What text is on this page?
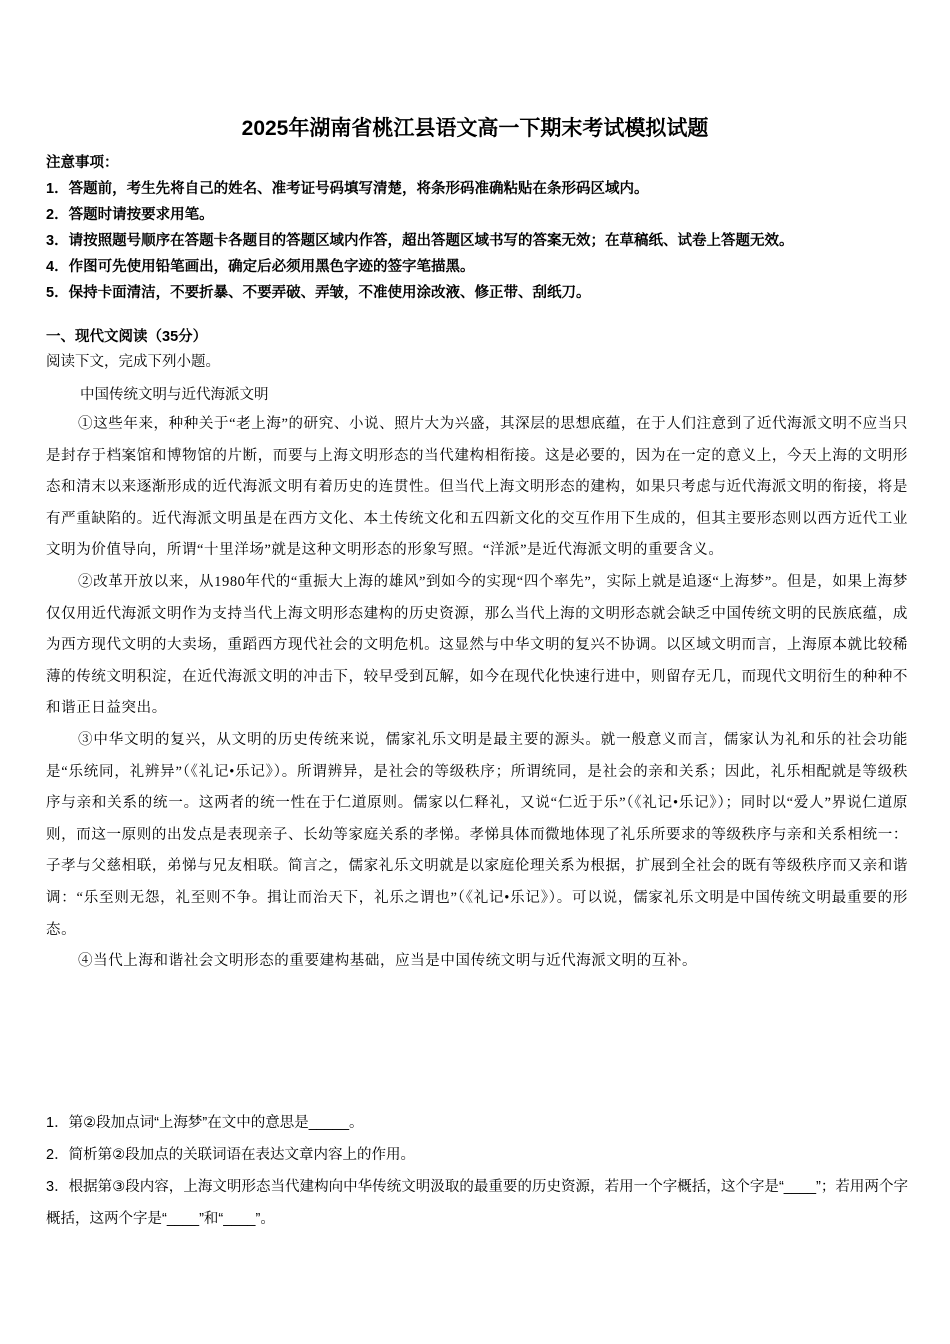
2025年湖南省桃江县语文高一下期末考试模拟试题
注意事项：
1．答题前，考生先将自己的姓名、准考证号码填写清楚，将条形码准确粘贴在条形码区域内。
2．答题时请按要求用笔。
3．请按照题号顺序在答题卡各题目的答题区域内作答，超出答题区域书写的答案无效；在草稿纸、试卷上答题无效。
4．作图可先使用铅笔画出，确定后必须用黑色字迹的签字笔描黑。
5．保持卡面清洁，不要折暴、不要弄破、弄皱，不准使用涂改液、修正带、刮纸刀。
一、现代文阅读（35分）
阅读下文，完成下列小题。
中国传统文明与近代海派文明

①这些年来，种种关于“老上海”的研究、小说、照片大为兴盛，其深层的思想底蕴，在于人们注意到了近代海派文明不应当只是封存于档案馆和博物馆的片断，而要与上海文明形态的当代建构相衔接。这是必要的，因为在一定的意义上，今天上海的文明形态和清末以来逐渐形成的近代海派文明有着历史的连贯性。但当代上海文明形态的建构，如果只考虑与近代海派文明的衔接，将是有严重缺陷的。近代海派文明虽是在西方文化、本土传统文化和五四新文化的交互作用下生成的，但其主要形态则以西方近代工业文明为价值导向，所谓“十里洋场”就是这种文明形态的形象写照。“洋派”是近代海派文明的重要含义。

②改革开放以来，从1980年代的“重振大上海的雄风”到如今的实现“四个率先”，实际上就是追逐“上海梦”。但是，如果上海梦仅仅用近代海派文明作为支持当代上海文明形态建构的历史资源，那么当代上海的文明形态就会缺乏中国传统文明的民族底蕴，成为西方现代文明的大卖场，重蹈西方现代社会的文明危机。这显然与中华文明的复兴不协调。以区域文明而言，上海原本就比较稀薄的传统文明积淀，在近代海派文明的冲击下，较早受到瓦解，如今在现代化快速行进中，则留存无几，而现代文明衍生的种种不和谐正日益突出。

③中华文明的复兴，从文明的历史传统来说，儒家礼乐文明是最主要的源头。就一般意义而言，儒家认为礼和乐的社会功能是“乐统同，礼辨异”（《礼记•乐记》）。所谓辨异，是社会的等级秩序；所谓统同，是社会的亲和关系；因此，礼乐相配就是等级秩序与亲和关系的统一。这两者的统一性在于仁道原则。儒家以仁释礼，又说“仁近于乐”（《礼记•乐记》）；同时以“爱人”界说仁道原则，而这一原则的出发点是表现亲子、长幼等家庭关系的孝悌。孝悌具体而微地体现了礼乐所要求的等级秩序与亲和关系相统一：子孝与父慈相联，弟悌与兄友相联。简言之，儒家礼乐文明就是以家庭伦理关系为根据，扩展到全社会的既有等级秩序而又亲和谐调：“乐至则无怨，礼至则不争。揖让而治天下，礼乐之谓也”（《礼记•乐记》）。可以说，儒家礼乐文明是中国传统文明最重要的形态。

④当代上海和谐社会文明形态的重要建构基础，应当是中国传统文明与近代海派文明的互补。

1．第②段加点词“上海梦”在文中的意思是_____。
2．简析第②段加点的关联词语在表达文章内容上的作用。
3．根据第③段内容，上海文明形态当代建构向中华传统文明汲取的最重要的历史资源，若用一个字概括，这个字是“____”；若用两个字概括，这两个字是“____”和“____”。
